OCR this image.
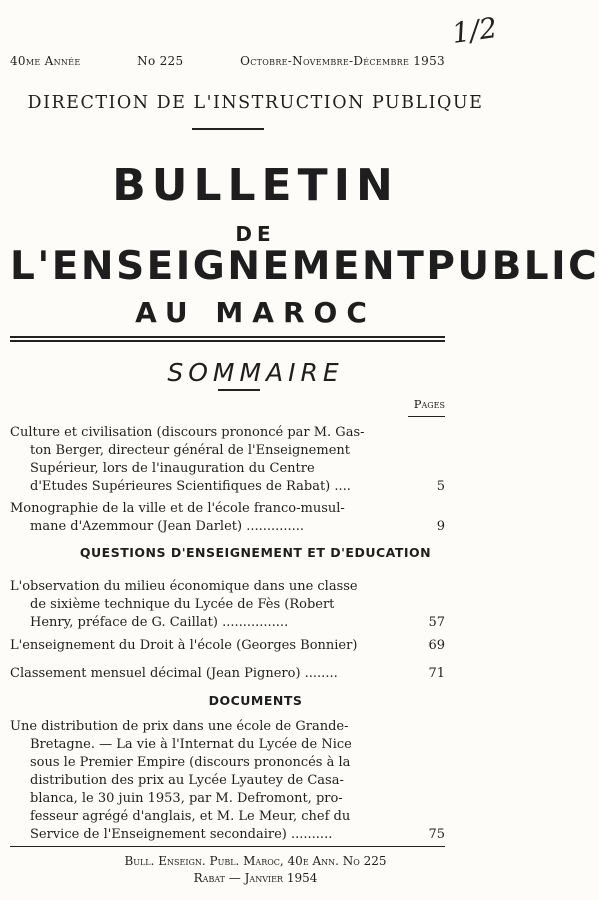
1/2
40me Année	No 225	Octobre-Novembre-Décembre 1953
DIRECTION DE L'INSTRUCTION PUBLIQUE
BULLETIN
DE
L'ENSEIGNEMENT PUBLIC
AU MAROC
SOMMAIRE
Pages
Culture et civilisation (discours prononcé par M. Gas-
ton Berger, directeur général de l'Enseignement
Supérieur, lors de l'inauguration du Centre
d'Etudes Supérieures Scientifiques de Rabat) ....	5
Monographie de la ville et de l'école franco-musul-
mane d'Azemmour (Jean Darlet) ..............	9
L'observation du milieu économique dans une classe
de sixième technique du Lycée de Fès (Robert
Henry, préface de G. Caillat) ................	57
L'enseignement du Droit à l'école (Georges Bonnier)	69
Classement mensuel décimal (Jean Pignero) ........	71
Une distribution de prix dans une école de Grande-
Bretagne. — La vie à l'Internat du Lycée de Nice
sous le Premier Empire (discours prononcés à la
distribution des prix au Lycée Lyautey de Casa-
blanca, le 30 juin 1953, par M. Defromont, pro-
fesseur agrégé d'anglais, et M. Le Meur, chef du
Service de l'Enseignement secondaire) ..........	75
QUESTIONS D'ENSEIGNEMENT ET D'EDUCATION
DOCUMENTS
Bull. Enseign. Publ. Maroc, 40e Ann. No 225
Rabat — Janvier 1954
